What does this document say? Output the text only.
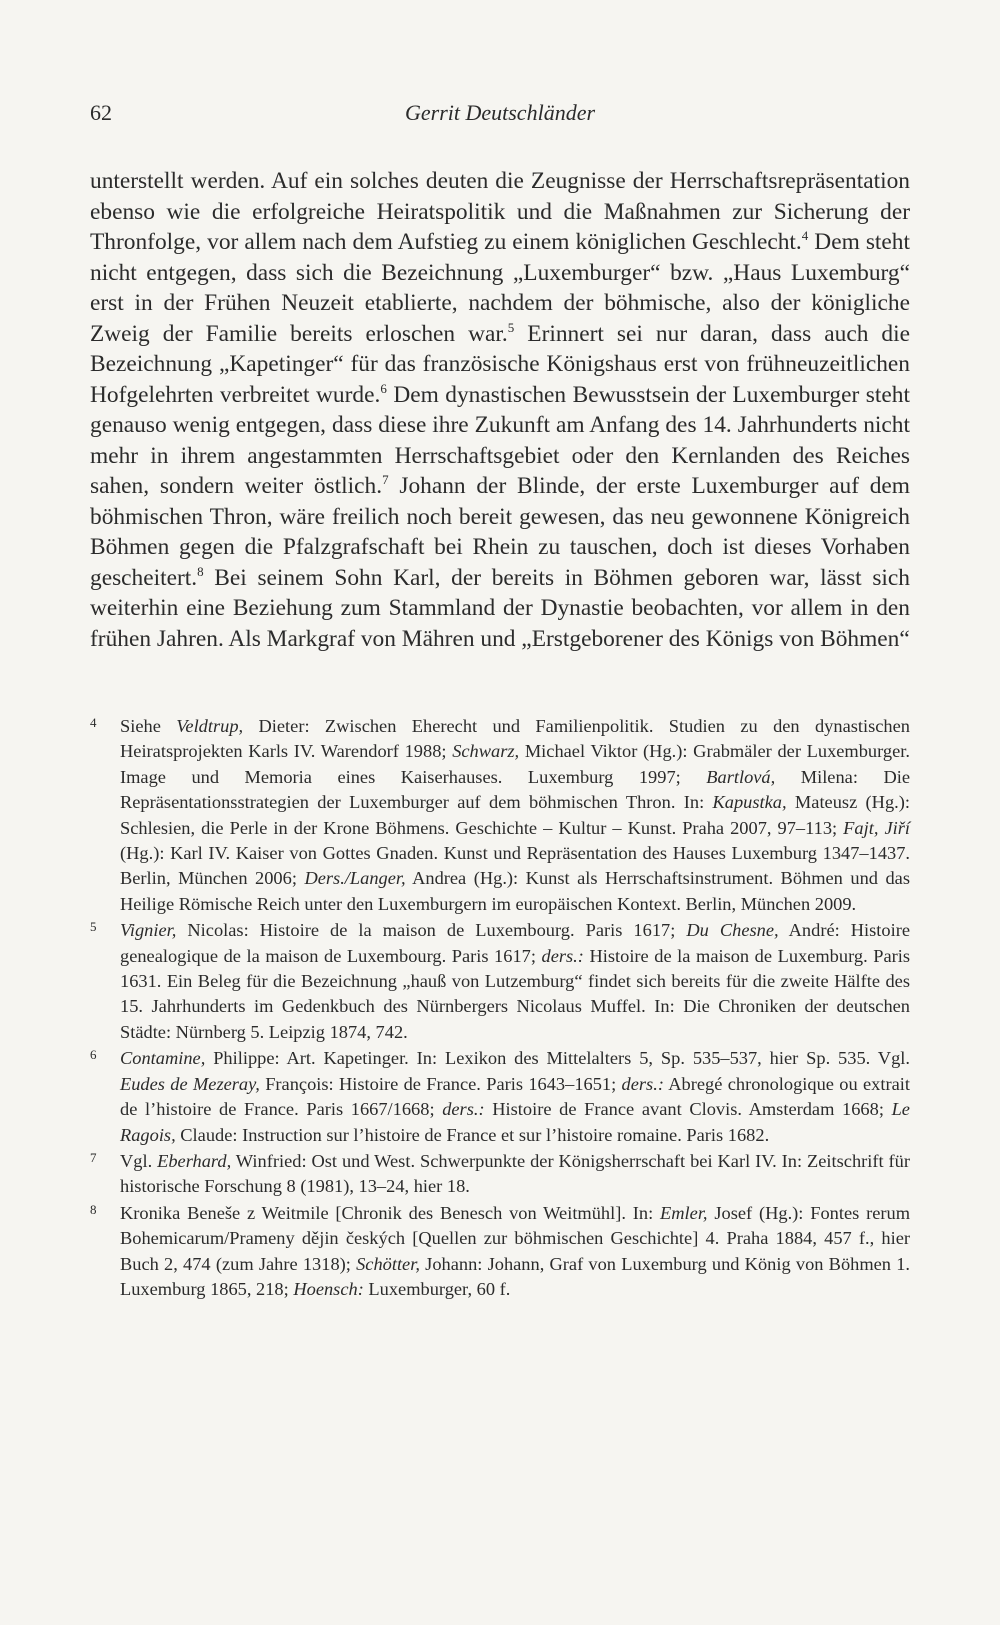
62	Gerrit Deutschländer

unterstellt werden. Auf ein solches deuten die Zeugnisse der Herrschaftsrepräsentation ebenso wie die erfolgreiche Heiratspolitik und die Maßnahmen zur Sicherung der Thronfolge, vor allem nach dem Aufstieg zu einem königlichen Geschlecht.$^4$ Dem steht nicht entgegen, dass sich die Bezeichnung „Luxemburger“ bzw. „Haus Luxemburg“ erst in der Frühen Neuzeit etablierte, nachdem der böhmische, also der königliche Zweig der Familie bereits erloschen war.$^5$ Erinnert sei nur daran, dass auch die Bezeichnung „Kapetinger“ für das französische Königshaus erst von frühneuzeitlichen Hofgelehrten verbreitet wurde.$^6$ Dem dynastischen Bewusstsein der Luxemburger steht genauso wenig entgegen, dass diese ihre Zukunft am Anfang des 14. Jahrhunderts nicht mehr in ihrem angestammten Herrschaftsgebiet oder den Kernlanden des Reiches sahen, sondern weiter östlich.$^7$ Johann der Blinde, der erste Luxemburger auf dem böhmischen Thron, wäre freilich noch bereit gewesen, das neu gewonnene Königreich Böhmen gegen die Pfalzgrafschaft bei Rhein zu tauschen, doch ist dieses Vorhaben gescheitert.$^8$ Bei seinem Sohn Karl, der bereits in Böhmen geboren war, lässt sich weiterhin eine Beziehung zum Stammland der Dynastie beobachten, vor allem in den frühen Jahren. Als Markgraf von Mähren und „Erstgeborener des Königs von Böhmen“

4 Siehe Veldtrup, Dieter: Zwischen Eherecht und Familienpolitik. Studien zu den dynastischen Heiratsprojekten Karls IV. Warendorf 1988; Schwarz, Michael Viktor (Hg.): Grabmäler der Luxemburger. Image und Memoria eines Kaiserhauses. Luxemburg 1997; Bartlová, Milena: Die Repräsentationsstrategien der Luxemburger auf dem böhmischen Thron. In: Kapustka, Mateusz (Hg.): Schlesien, die Perle in der Krone Böhmens. Geschichte – Kultur – Kunst. Praha 2007, 97–113; Fajt, Jiří (Hg.): Karl IV. Kaiser von Gottes Gnaden. Kunst und Repräsentation des Hauses Luxemburg 1347–1437. Berlin, München 2006; Ders./Langer, Andrea (Hg.): Kunst als Herrschaftsinstrument. Böhmen und das Heilige Römische Reich unter den Luxemburgern im europäischen Kontext. Berlin, München 2009.
5 Vignier, Nicolas: Histoire de la maison de Luxembourg. Paris 1617; Du Chesne, André: Histoire genealogique de la maison de Luxembourg. Paris 1617; ders.: Histoire de la maison de Luxemburg. Paris 1631. Ein Beleg für die Bezeichnung „hauß von Lutzemburg“ findet sich bereits für die zweite Hälfte des 15. Jahrhunderts im Gedenkbuch des Nürnbergers Nicolaus Muffel. In: Die Chroniken der deutschen Städte: Nürnberg 5. Leipzig 1874, 742.
6 Contamine, Philippe: Art. Kapetinger. In: Lexikon des Mittelalters 5, Sp. 535–537, hier Sp. 535. Vgl. Eudes de Mezeray, François: Histoire de France. Paris 1643–1651; ders.: Abregé chronologique ou extrait de l’histoire de France. Paris 1667/1668; ders.: Histoire de France avant Clovis. Amsterdam 1668; Le Ragois, Claude: Instruction sur l’histoire de France et sur l’histoire romaine. Paris 1682.
7 Vgl. Eberhard, Winfried: Ost und West. Schwerpunkte der Königsherrschaft bei Karl IV. In: Zeitschrift für historische Forschung 8 (1981), 13–24, hier 18.
8 Kronika Beneše z Weitmile [Chronik des Benesch von Weitmühl]. In: Emler, Josef (Hg.): Fontes rerum Bohemicarum/Prameny dějin českých [Quellen zur böhmischen Geschichte] 4. Praha 1884, 457 f., hier Buch 2, 474 (zum Jahre 1318); Schötter, Johann: Johann, Graf von Luxemburg und König von Böhmen 1. Luxemburg 1865, 218; Hoensch: Luxemburger, 60 f.
